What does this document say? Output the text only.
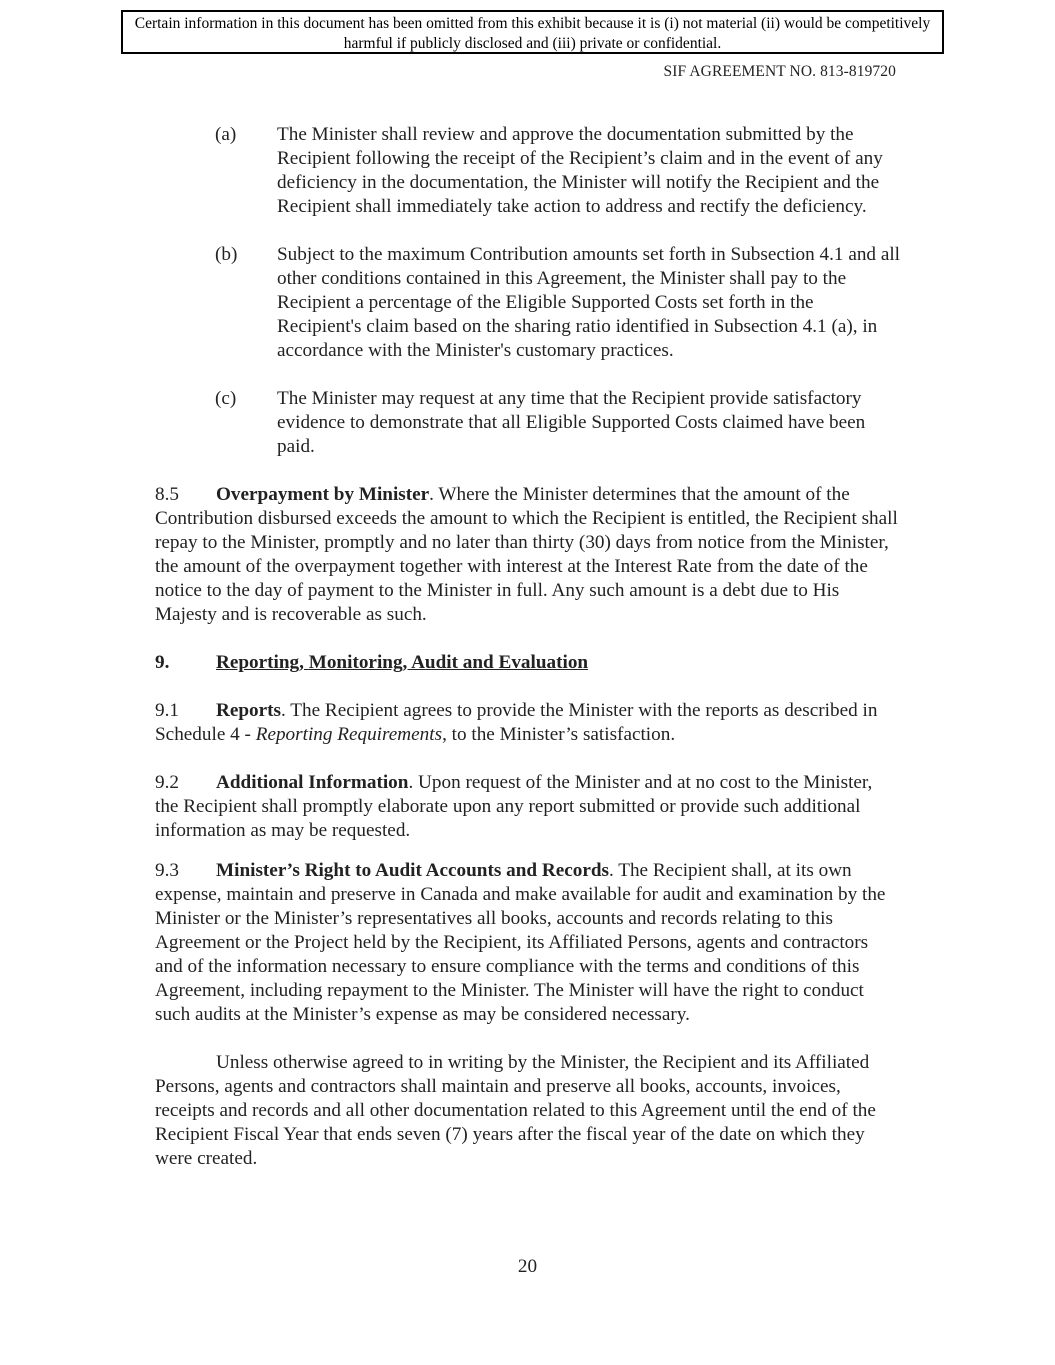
Certain information in this document has been omitted from this exhibit because it is (i) not material (ii) would be competitively harmful if publicly disclosed and (iii) private or confidential.
SIF AGREEMENT NO. 813-819720
(a) The Minister shall review and approve the documentation submitted by the Recipient following the receipt of the Recipient’s claim and in the event of any deficiency in the documentation, the Minister will notify the Recipient and the Recipient shall immediately take action to address and rectify the deficiency.
(b) Subject to the maximum Contribution amounts set forth in Subsection 4.1 and all other conditions contained in this Agreement, the Minister shall pay to the Recipient a percentage of the Eligible Supported Costs set forth in the Recipient's claim based on the sharing ratio identified in Subsection 4.1 (a), in accordance with the Minister's customary practices.
(c) The Minister may request at any time that the Recipient provide satisfactory evidence to demonstrate that all Eligible Supported Costs claimed have been paid.
8.5 Overpayment by Minister. Where the Minister determines that the amount of the Contribution disbursed exceeds the amount to which the Recipient is entitled, the Recipient shall repay to the Minister, promptly and no later than thirty (30) days from notice from the Minister, the amount of the overpayment together with interest at the Interest Rate from the date of the notice to the day of payment to the Minister in full. Any such amount is a debt due to His Majesty and is recoverable as such.
9. Reporting, Monitoring, Audit and Evaluation
9.1 Reports. The Recipient agrees to provide the Minister with the reports as described in Schedule 4 - Reporting Requirements, to the Minister’s satisfaction.
9.2 Additional Information. Upon request of the Minister and at no cost to the Minister, the Recipient shall promptly elaborate upon any report submitted or provide such additional information as may be requested.
9.3 Minister’s Right to Audit Accounts and Records. The Recipient shall, at its own expense, maintain and preserve in Canada and make available for audit and examination by the Minister or the Minister’s representatives all books, accounts and records relating to this Agreement or the Project held by the Recipient, its Affiliated Persons, agents and contractors and of the information necessary to ensure compliance with the terms and conditions of this Agreement, including repayment to the Minister. The Minister will have the right to conduct such audits at the Minister’s expense as may be considered necessary.
Unless otherwise agreed to in writing by the Minister, the Recipient and its Affiliated Persons, agents and contractors shall maintain and preserve all books, accounts, invoices, receipts and records and all other documentation related to this Agreement until the end of the Recipient Fiscal Year that ends seven (7) years after the fiscal year of the date on which they were created.
20
